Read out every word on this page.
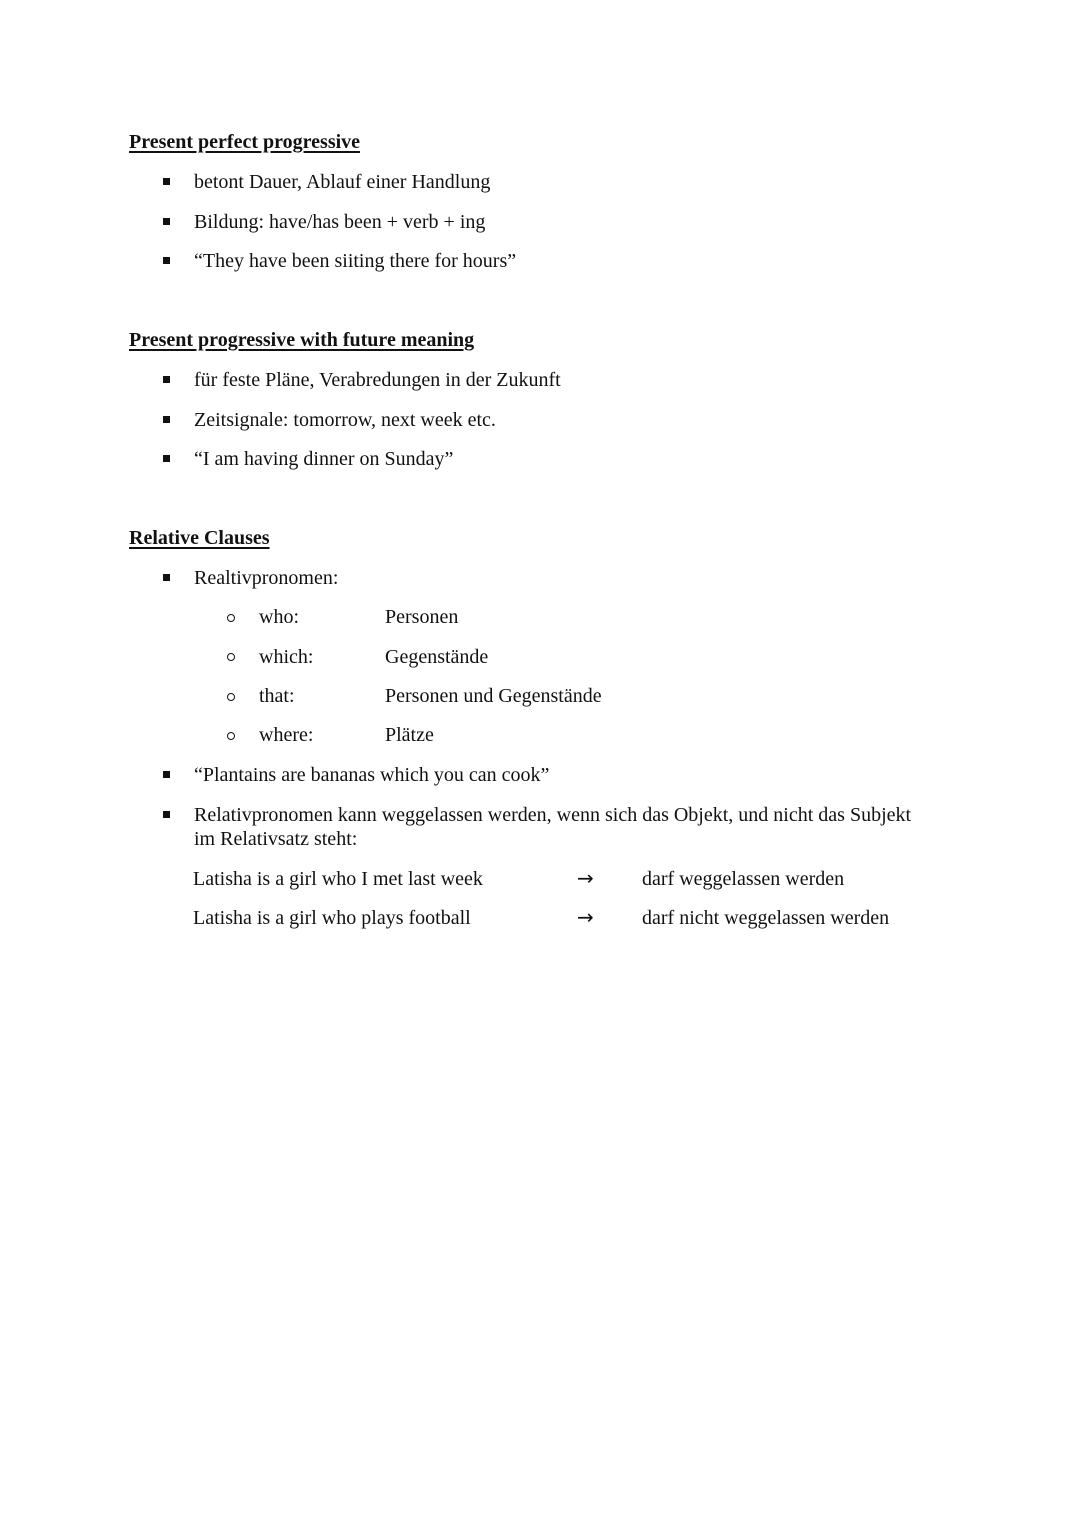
Present perfect progressive
betont Dauer, Ablauf einer Handlung
Bildung: have/has been + verb + ing
“They have been siiting there for hours”
Present progressive with future meaning
für feste Pläne, Verabredungen in der Zukunft
Zeitsignale: tomorrow, next week etc.
“I am having dinner on Sunday”
Relative Clauses
Realtivpronomen:
who:	Personen
which:	Gegenstände
that:	Personen und Gegenstände
where:	Plätze
“Plantains are bananas which you can cook”
Relativpronomen kann weggelassen werden, wenn sich das Objekt, und nicht das Subjekt im Relativsatz steht:
Latisha is a girl who I met last week	→ darf weggelassen werden
Latisha is a girl who plays football	→ darf nicht weggelassen werden
